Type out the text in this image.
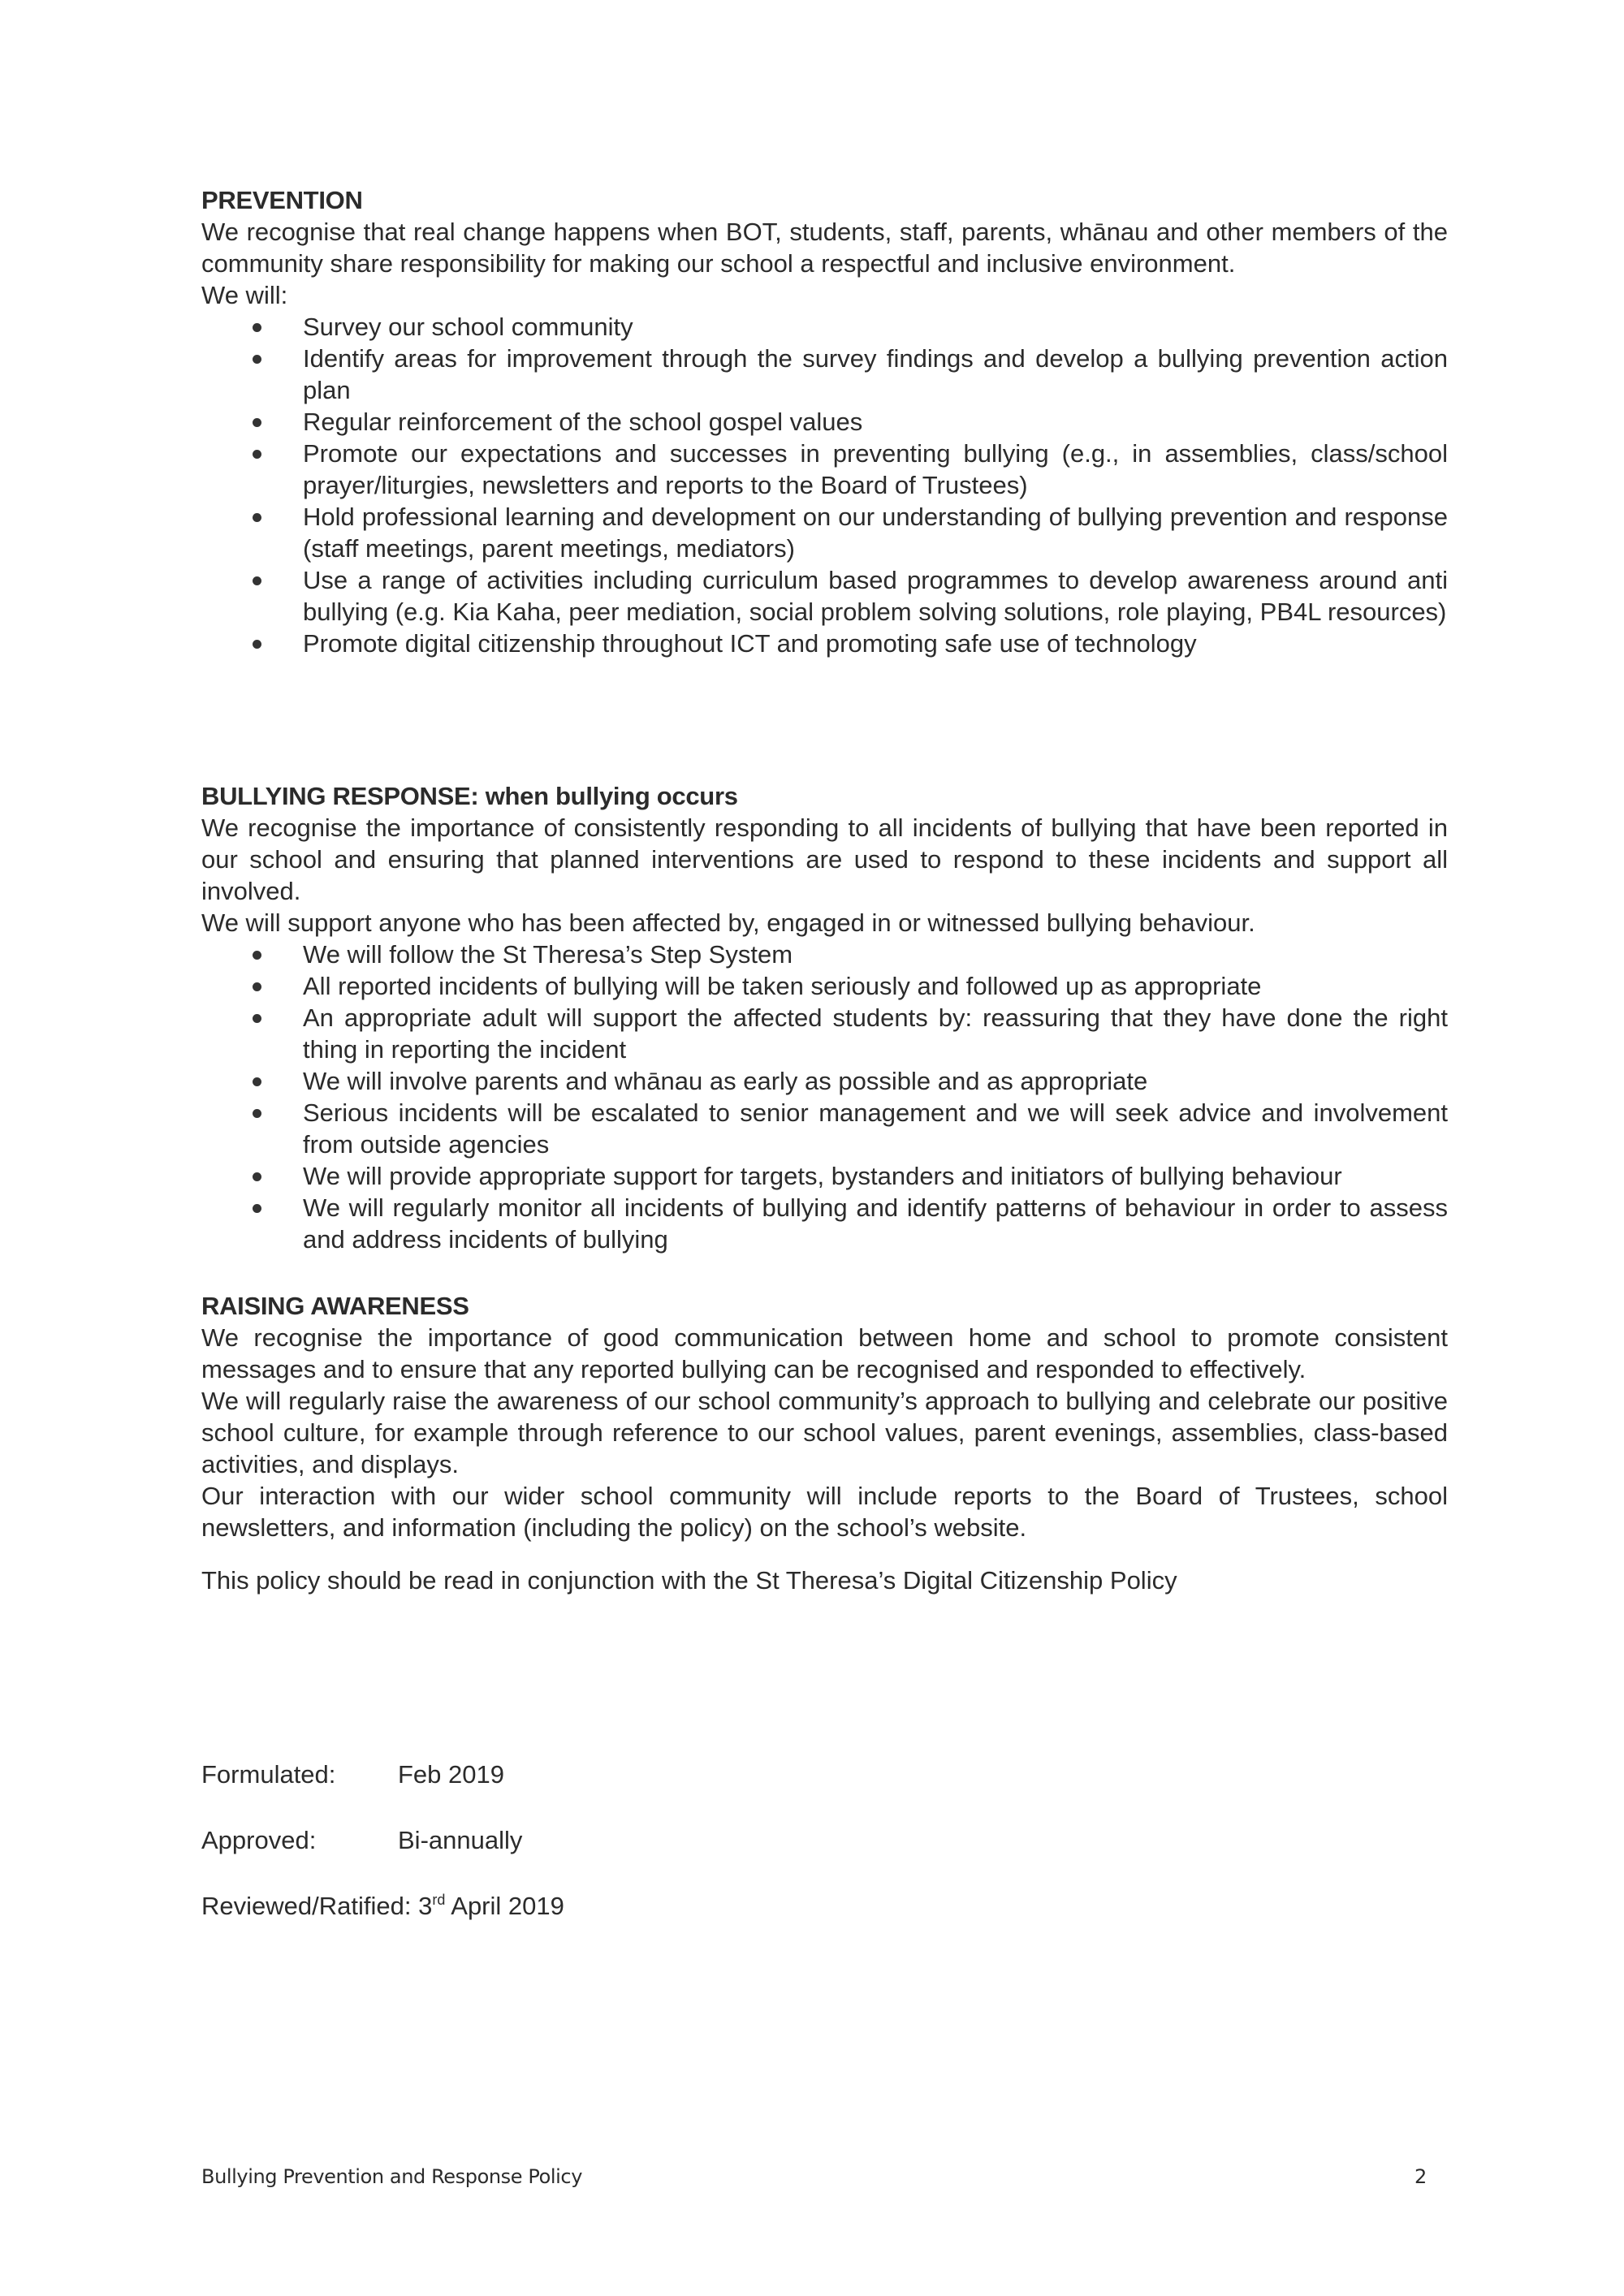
PREVENTION

We recognise that real change happens when BOT, students, staff, parents, whānau and other members of the community share responsibility for making our school a respectful and inclusive environment.

We will:

Survey our school community
Identify areas for improvement through the survey findings and develop a bullying prevention action plan
Regular reinforcement of the school gospel values
Promote our expectations and successes in preventing bullying (e.g., in assemblies, class/school prayer/liturgies, newsletters and reports to the Board of Trustees)
Hold professional learning and development on our understanding of bullying prevention and response (staff meetings, parent meetings, mediators)
Use a range of activities including curriculum based programmes to develop awareness around anti bullying (e.g. Kia Kaha, peer mediation, social problem solving solutions, role playing, PB4L resources)
Promote digital citizenship throughout ICT and promoting safe use of technology
BULLYING RESPONSE: when bullying occurs

We recognise the importance of consistently responding to all incidents of bullying that have been reported in our school and ensuring that planned interventions are used to respond to these incidents and support all involved.

We will support anyone who has been affected by, engaged in or witnessed bullying behaviour.

We will follow the St Theresa’s Step System
All reported incidents of bullying will be taken seriously and followed up as appropriate
An appropriate adult will support the affected students by: reassuring that they have done the right thing in reporting the incident
We will involve parents and whānau as early as possible and as appropriate
Serious incidents will be escalated to senior management and we will seek advice and involvement from outside agencies
We will provide appropriate support for targets, bystanders and initiators of bullying behaviour
We will regularly monitor all incidents of bullying and identify patterns of behaviour in order to assess and address incidents of bullying
RAISING AWARENESS

We recognise the importance of good communication between home and school to promote consistent messages and to ensure that any reported bullying can be recognised and responded to effectively.

We will regularly raise the awareness of our school community’s approach to bullying and celebrate our positive school culture, for example through reference to our school values, parent evenings, assemblies, class-based activities, and displays.

Our interaction with our wider school community will include reports to the Board of Trustees, school newsletters, and information (including the policy) on the school’s website.

This policy should be read in conjunction with the St Theresa’s Digital Citizenship Policy

Formulated: Feb 2019
Approved:	Bi-annually
Reviewed/Ratified: 3rd April 2019
Bullying Prevention and Response Policy	2
